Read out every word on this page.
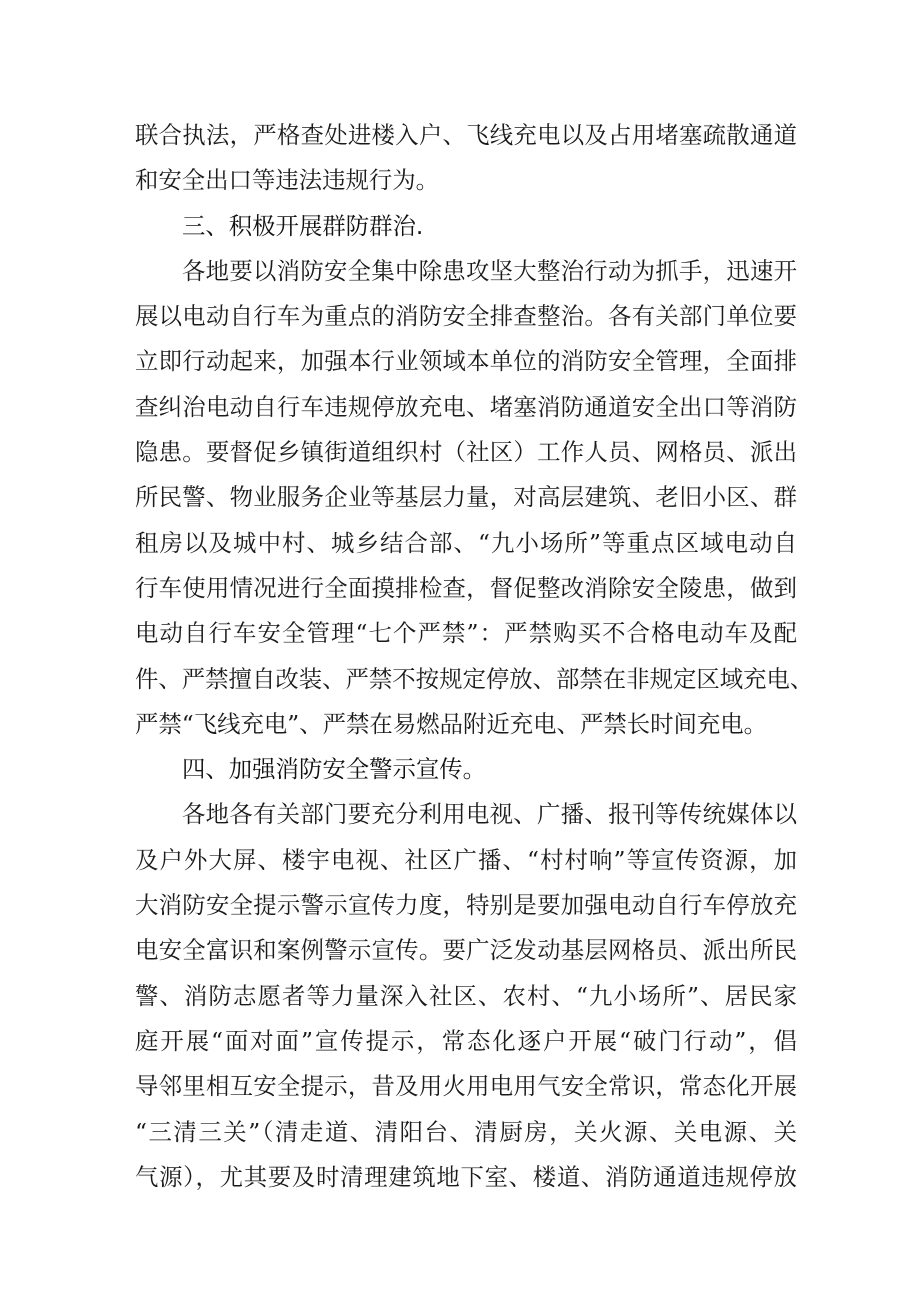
联合执法，严格查处进楼入户、飞线充电以及占用堵塞疏散通道
和安全出口等违法违规行为。
三、积极开展群防群治.
各地要以消防安全集中除患攻坚大整治行动为抓手，迅速开
展以电动自行车为重点的消防安全排查整治。各有关部门单位要
立即行动起来，加强本行业领域本单位的消防安全管理，全面排
查纠治电动自行车违规停放充电、堵塞消防通道安全出口等消防
隐患。要督促乡镇街道组织村（社区）工作人员、网格员、派出
所民警、物业服务企业等基层力量，对高层建筑、老旧小区、群
租房以及城中村、城乡结合部、“九小场所”等重点区域电动自
行车使用情况进行全面摸排检查，督促整改消除安全陵患，做到
电动自行车安全管理“七个严禁”：严禁购买不合格电动车及配
件、严禁擅自改装、严禁不按规定停放、部禁在非规定区域充电、
严禁“飞线充电”、严禁在易燃品附近充电、严禁长时间充电。
四、加强消防安全警示宣传。
各地各有关部门要充分利用电视、广播、报刊等传统媒体以
及户外大屏、楼宇电视、社区广播、“村村响”等宣传资源，加
大消防安全提示警示宣传力度，特别是要加强电动自行车停放充
电安全富识和案例警示宣传。要广泛发动基层网格员、派出所民
警、消防志愿者等力量深入社区、农村、“九小场所”、居民家
庭开展“面对面”宣传提示，常态化逐户开展“破门行动”，倡
导邻里相互安全提示，昔及用火用电用气安全常识，常态化开展
“三清三关”（清走道、清阳台、清厨房，关火源、关电源、关
气源），尤其要及时清理建筑地下室、楼道、消防通道违规停放
